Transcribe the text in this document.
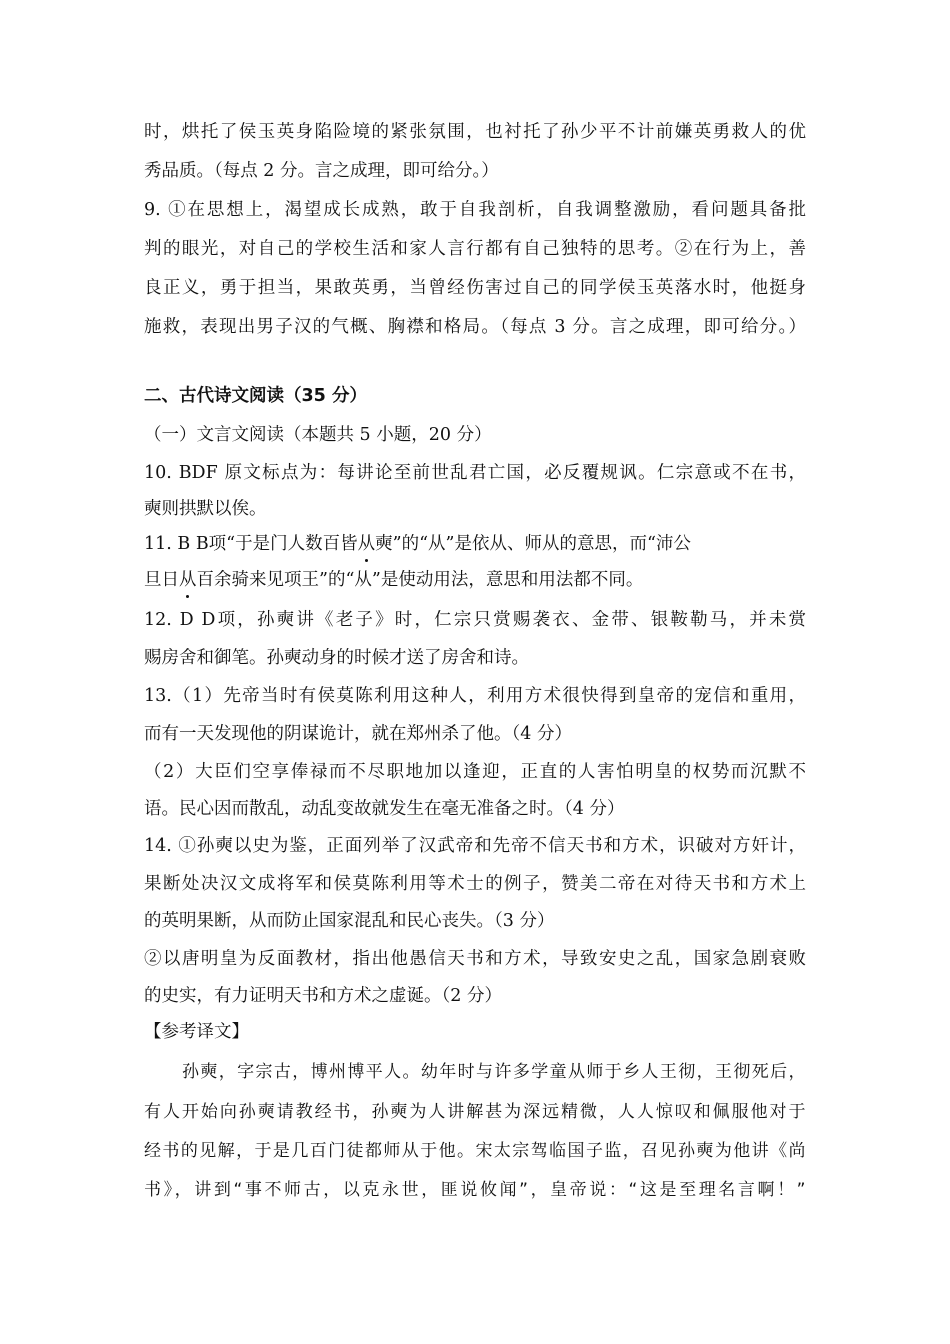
时，烘托了侯玉英身陷险境的紧张氛围，也衬托了孙少平不计前嫌英勇救人的优
秀品质。（每点 2 分。言之成理，即可给分。）
9. ①在思想上，渴望成长成熟，敢于自我剖析，自我调整激励，看问题具备批
判的眼光，对自己的学校生活和家人言行都有自己独特的思考。②在行为上，善
良正义，勇于担当，果敢英勇，当曾经伤害过自己的同学侯玉英落水时，他挺身
施救，表现出男子汉的气概、胸襟和格局。（每点 3 分。言之成理，即可给分。）
二、古代诗文阅读（35 分）
（一）文言文阅读（本题共 5 小题，20 分）
10. BDF 原文标点为：每讲论至前世乱君亡国，必反覆规讽。仁宗意或不在书，
奭则拱默以俟。
11. B B项“于是门人数百皆从奭”的“从”是依从、师从的意思，而“沛公
旦日从百余骑来见项王”的“从”是使动用法，意思和用法都不同。
12. D D项，孙奭讲《老子》时，仁宗只赏赐袭衣、金带、银鞍勒马，并未赏
赐房舍和御笔。孙奭动身的时候才送了房舍和诗。
13.（1）先帝当时有侯莫陈利用这种人，利用方术很快得到皇帝的宠信和重用，
而有一天发现他的阴谋诡计，就在郑州杀了他。（4 分）
（2）大臣们空享俸禄而不尽职地加以逢迎，正直的人害怕明皇的权势而沉默不
语。民心因而散乱，动乱变故就发生在毫无准备之时。（4 分）
14. ①孙奭以史为鉴，正面列举了汉武帝和先帝不信天书和方术，识破对方奸计，
果断处决汉文成将军和侯莫陈利用等术士的例子，赞美二帝在对待天书和方术上
的英明果断，从而防止国家混乱和民心丧失。（3 分）
②以唐明皇为反面教材，指出他愚信天书和方术，导致安史之乱，国家急剧衰败
的史实，有力证明天书和方术之虚诞。（2 分）
【参考译文】
孙奭，字宗古，博州博平人。幼年时与许多学童从师于乡人王彻，王彻死后，
有人开始向孙奭请教经书，孙奭为人讲解甚为深远精微，人人惊叹和佩服他对于
经书的见解，于是几百门徒都师从于他。宋太宗驾临国子监，召见孙奭为他讲《尚
书》，讲到“事不师古，以克永世，匪说攸闻”，皇帝说：“这是至理名言啊！”
